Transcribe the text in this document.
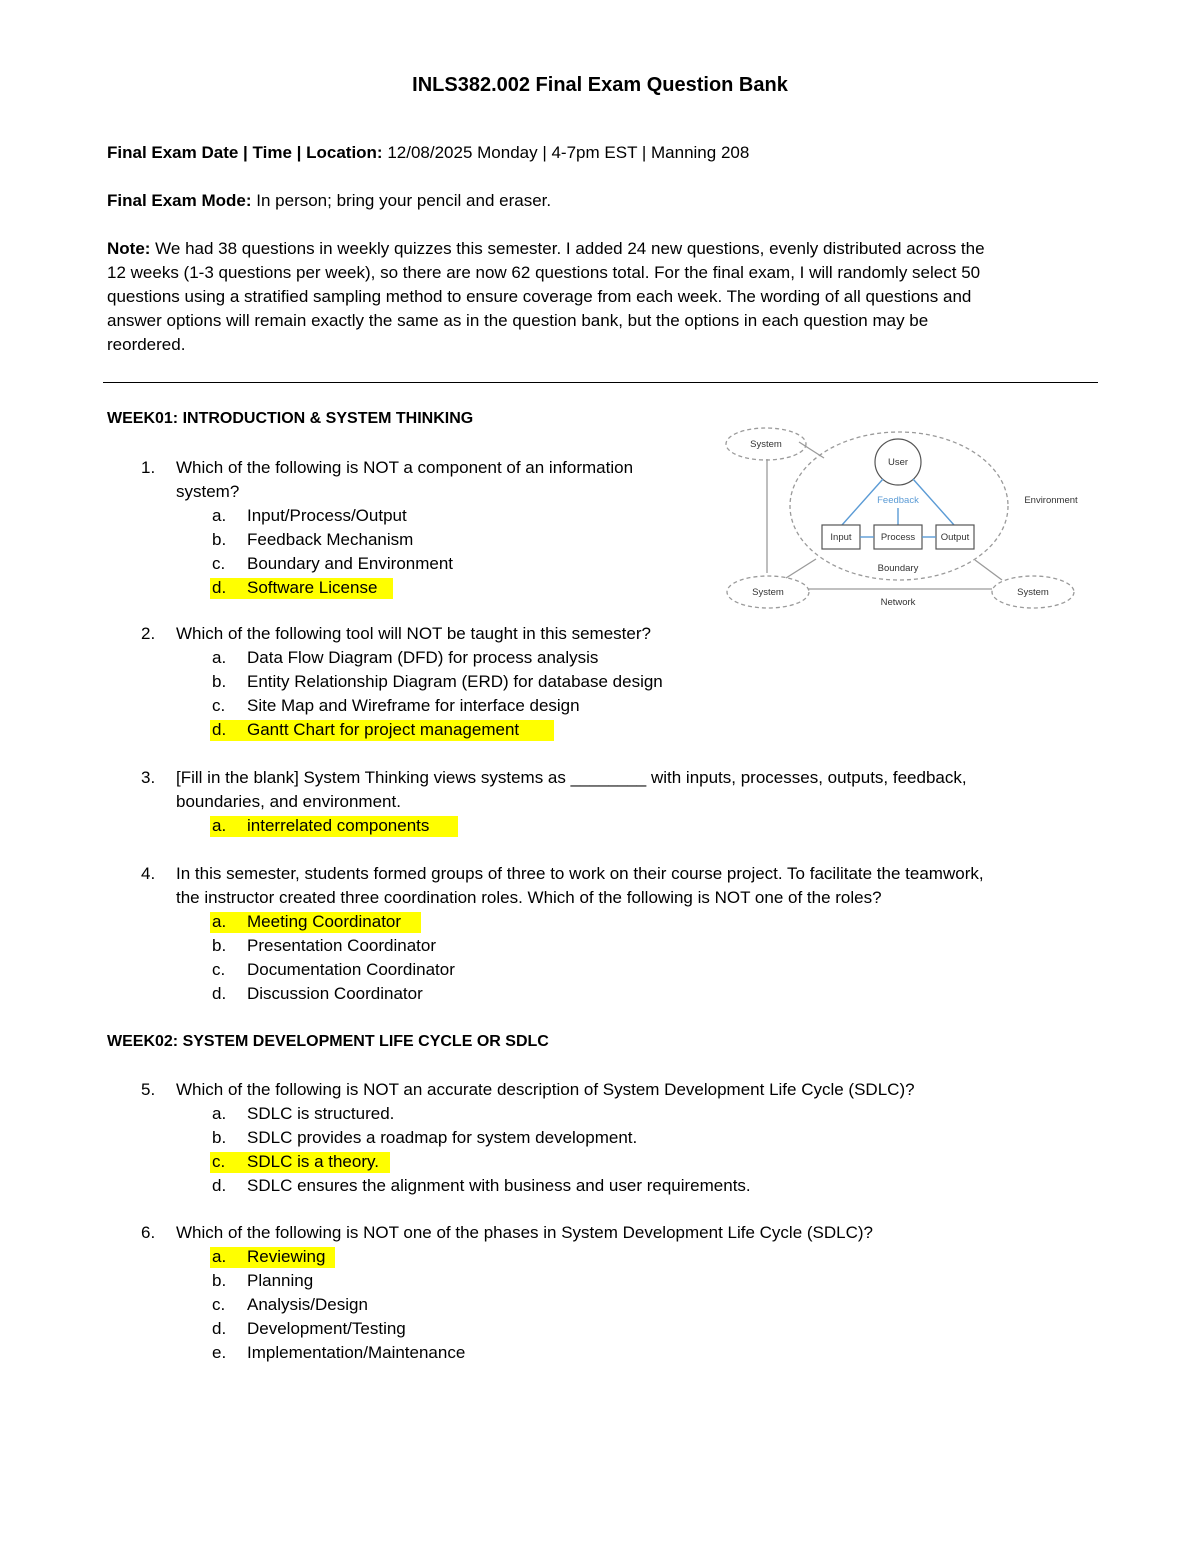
INLS382.002 Final Exam Question Bank
Final Exam Date | Time | Location: 12/08/2025 Monday | 4-7pm EST | Manning 208
Final Exam Mode: In person; bring your pencil and eraser.
Note: We had 38 questions in weekly quizzes this semester. I added 24 new questions, evenly distributed across the
12 weeks (1-3 questions per week), so there are now 62 questions total. For the final exam, I will randomly select 50
questions using a stratified sampling method to ensure coverage from each week. The wording of all questions and
answer options will remain exactly the same as in the question bank, but the options in each question may be
reordered.
System
User
Feedback	Environment
Input	Process	Output
Boundary
System
Network
System
WEEK01: INTRODUCTION & SYSTEM THINKING
1.	Which of the following is NOT a component of an information
system?
a.	Input/Process/Output
b.	Feedback Mechanism
c.	Boundary and Environment
d.	Software License
2.	Which of the following tool will NOT be taught in this semester?
a.	Data Flow Diagram (DFD) for process analysis
b.	Entity Relationship Diagram (ERD) for database design
c.	Site Map and Wireframe for interface design
d.	Gantt Chart for project management
3.	[Fill in the blank] System Thinking views systems as ________ with inputs, processes, outputs, feedback,
boundaries, and environment.
a.	interrelated components
4.	In this semester, students formed groups of three to work on their course project. To facilitate the teamwork,
the instructor created three coordination roles. Which of the following is NOT one of the roles?
a.	Meeting Coordinator
b.	Presentation Coordinator
c.	Documentation Coordinator
d.	Discussion Coordinator
WEEK02: SYSTEM DEVELOPMENT LIFE CYCLE OR SDLC
5.	Which of the following is NOT an accurate description of System Development Life Cycle (SDLC)?
a.	SDLC is structured.
b.	SDLC provides a roadmap for system development.
c.	SDLC is a theory.
d.	SDLC ensures the alignment with business and user requirements.
6.	Which of the following is NOT one of the phases in System Development Life Cycle (SDLC)?
a.	Reviewing
b.	Planning
c.	Analysis/Design
d.	Development/Testing
e.	Implementation/Maintenance
